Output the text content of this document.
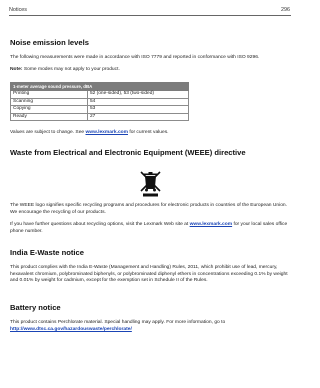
Notices	296
Noise emission levels
The following measurements were made in accordance with ISO 7779 and reported in conformance with ISO 9296.
Note: Some modes may not apply to your product.
1-meter average sound pressure, dBA	
Printing	52 (one-sided), 53 (two-sided)
Scanning	54
Copying	53
Ready	27
Values are subject to change. See www.lexmark.com for current values.
Waste from Electrical and Electronic Equipment (WEEE) directive
The WEEE logo signifies specific recycling programs and procedures for electronic products in countries of the European Union. We encourage the recycling of our products.
If you have further questions about recycling options, visit the Lexmark Web site at www.lexmark.com for your local sales office phone number.
India E-Waste notice
This product complies with the India E-Waste (Management and Handling) Rules, 2011, which prohibit use of lead, mercury, hexavalent chromium, polybrominated biphenyls, or polybrominated diphenyl ethers in concentrations exceeding 0.1% by weight and 0.01% by weight for cadmium, except for the exemption set in Schedule II of the Rules.
Battery notice
This product contains Perchlorate material. Special handling may apply. For more information, go to
http://www.dtsc.ca.gov/hazardouswaste/perchlorate/
